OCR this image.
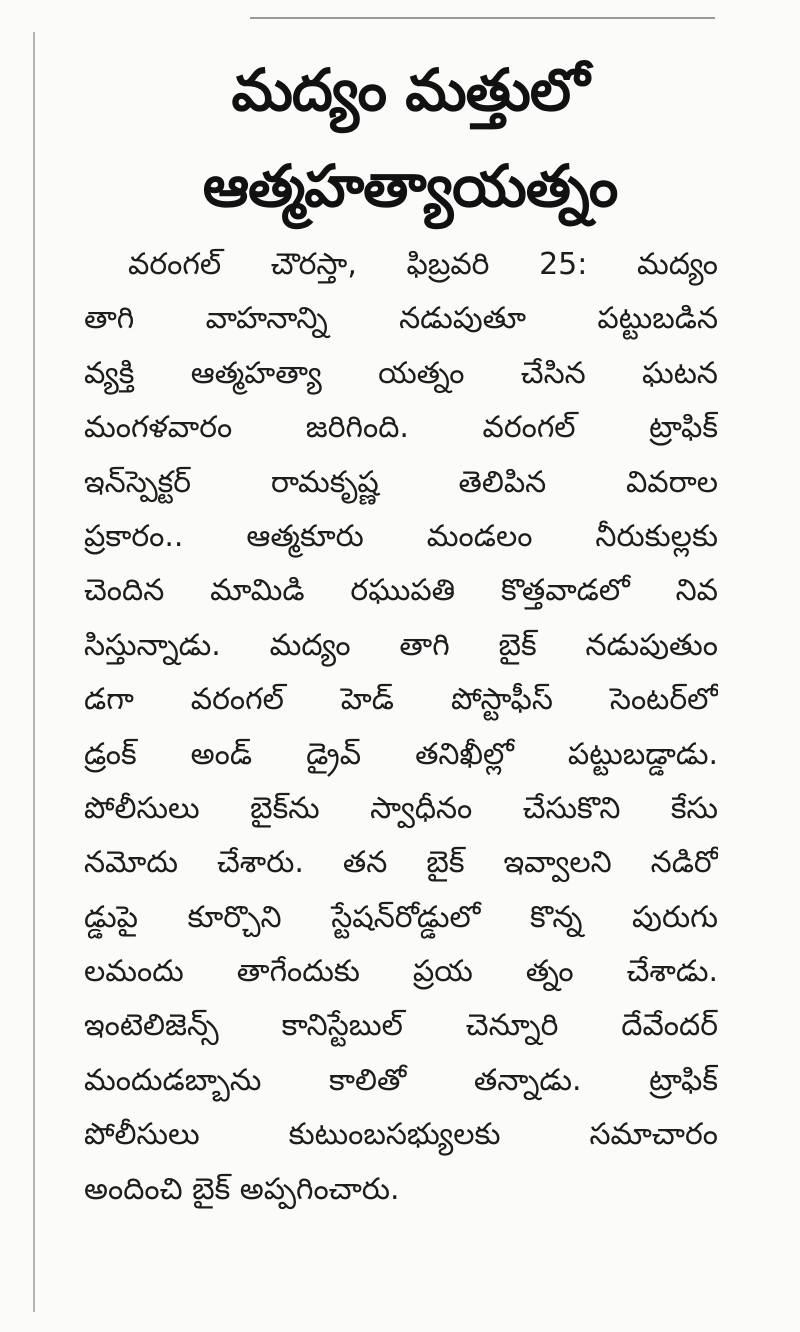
మద్యం మత్తులో
ఆత్మహత్యాయత్నం
వరంగల్ చౌరస్తా, ఫిబ్రవరి 25: మద్యం
తాగి వాహనాన్ని నడుపుతూ పట్టుబడిన
వ్యక్తి ఆత్మహత్యా యత్నం చేసిన ఘటన
మంగళవారం జరిగింది. వరంగల్ ట్రాఫిక్
ఇన్‌స్పెక్టర్ రామకృష్ణ తెలిపిన వివరాల
ప్రకారం.. ఆత్మకూరు మండలం నీరుకుల్లకు
చెందిన మామిడి రఘుపతి కొత్తవాడలో నివ
సిస్తున్నాడు. మద్యం తాగి బైక్ నడుపుతుం
డగా వరంగల్ హెడ్ పోస్టాఫీస్ సెంటర్‌లో
డ్రంక్ అండ్ డ్రైవ్ తనిఖీల్లో పట్టుబడ్డాడు.
పోలీసులు బైక్‌ను స్వాధీనం చేసుకొని కేసు
నమోదు చేశారు. తన బైక్ ఇవ్వాలని నడిరో
డ్డుపై కూర్చొని స్టేషన్‌రోడ్డులో కొన్న పురుగు
లమందు తాగేందుకు ప్రయ త్నం చేశాడు.
ఇంటెలిజెన్స్ కానిస్టేబుల్ చెన్నూరి దేవేందర్
మందుడబ్బాను కాలితో తన్నాడు. ట్రాఫిక్
పోలీసులు కుటుంబసభ్యులకు సమాచారం
అందించి బైక్ అప్పగించారు.
